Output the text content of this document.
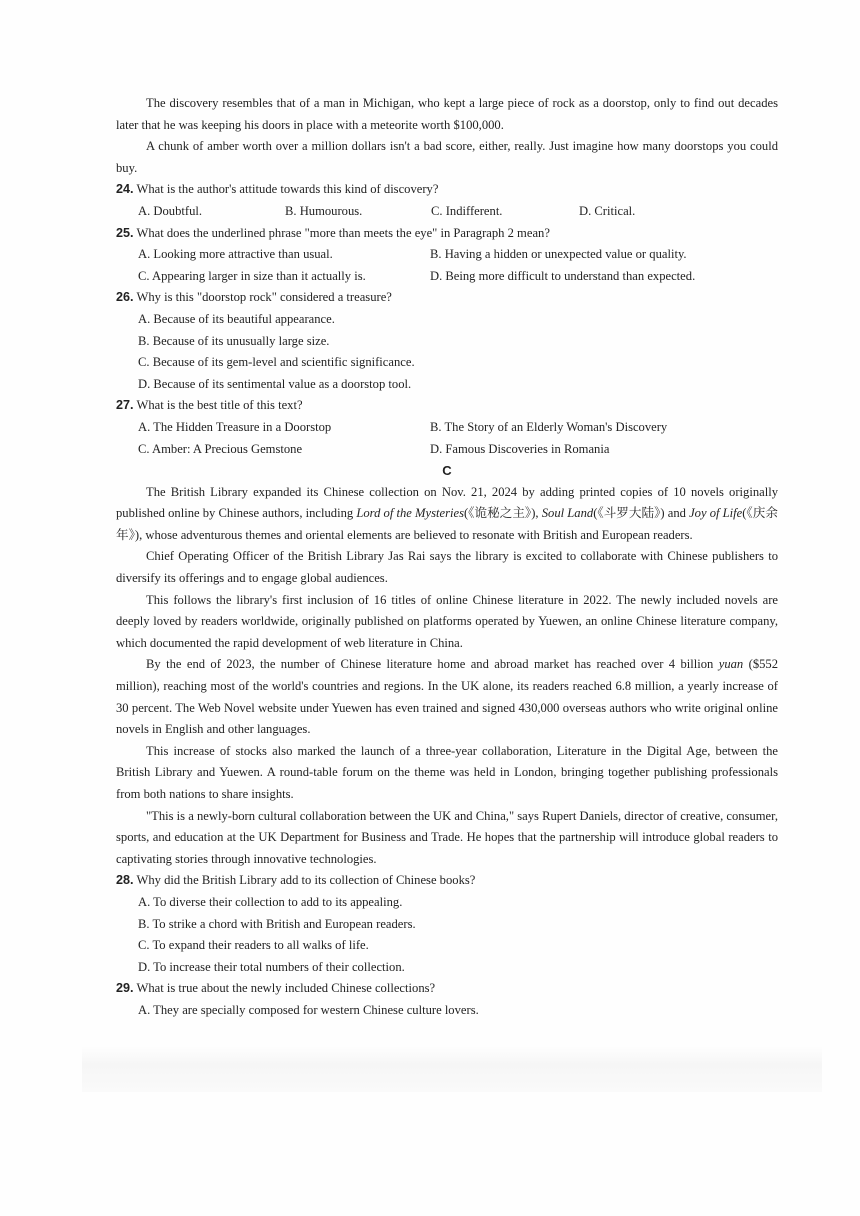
The discovery resembles that of a man in Michigan, who kept a large piece of rock as a doorstop, only to find out decades later that he was keeping his doors in place with a meteorite worth $100,000.

A chunk of amber worth over a million dollars isn't a bad score, either, really. Just imagine how many doorstops you could buy.

24. What is the author's attitude towards this kind of discovery?

A. Doubtful.	B. Humourous.	C. Indifferent.	D. Critical.

25. What does the underlined phrase "more than meets the eye" in Paragraph 2 mean?

A. Looking more attractive than usual.	B. Having a hidden or unexpected value or quality.
C. Appearing larger in size than it actually is.	D. Being more difficult to understand than expected.

26. Why is this "doorstop rock" considered a treasure?

A. Because of its beautiful appearance.

B. Because of its unusually large size.

C. Because of its gem-level and scientific significance.

D. Because of its sentimental value as a doorstop tool.

27. What is the best title of this text?

A. The Hidden Treasure in a Doorstop	B. The Story of an Elderly Woman's Discovery
C. Amber: A Precious Gemstone	D. Famous Discoveries in Romania

C

The British Library expanded its Chinese collection on Nov. 21, 2024 by adding printed copies of 10 novels originally published online by Chinese authors, including Lord of the Mysteries(《诡秘之主》), Soul Land(《斗罗大陆》) and Joy of Life(《庆余年》), whose adventurous themes and oriental elements are believed to resonate with British and European readers.

Chief Operating Officer of the British Library Jas Rai says the library is excited to collaborate with Chinese publishers to diversify its offerings and to engage global audiences.

This follows the library's first inclusion of 16 titles of online Chinese literature in 2022. The newly included novels are deeply loved by readers worldwide, originally published on platforms operated by Yuewen, an online Chinese literature company, which documented the rapid development of web literature in China.

By the end of 2023, the number of Chinese literature home and abroad market has reached over 4 billion yuan ($552 million), reaching most of the world's countries and regions. In the UK alone, its readers reached 6.8 million, a yearly increase of 30 percent. The Web Novel website under Yuewen has even trained and signed 430,000 overseas authors who write original online novels in English and other languages.

This increase of stocks also marked the launch of a three-year collaboration, Literature in the Digital Age, between the British Library and Yuewen. A round-table forum on the theme was held in London, bringing together publishing professionals from both nations to share insights.

"This is a newly-born cultural collaboration between the UK and China," says Rupert Daniels, director of creative, consumer, sports, and education at the UK Department for Business and Trade. He hopes that the partnership will introduce global readers to captivating stories through innovative technologies.

28. Why did the British Library add to its collection of Chinese books?

A. To diverse their collection to add to its appealing.

B. To strike a chord with British and European readers.

C. To expand their readers to all walks of life.

D. To increase their total numbers of their collection.

29. What is true about the newly included Chinese collections?

A. They are specially composed for western Chinese culture lovers.
